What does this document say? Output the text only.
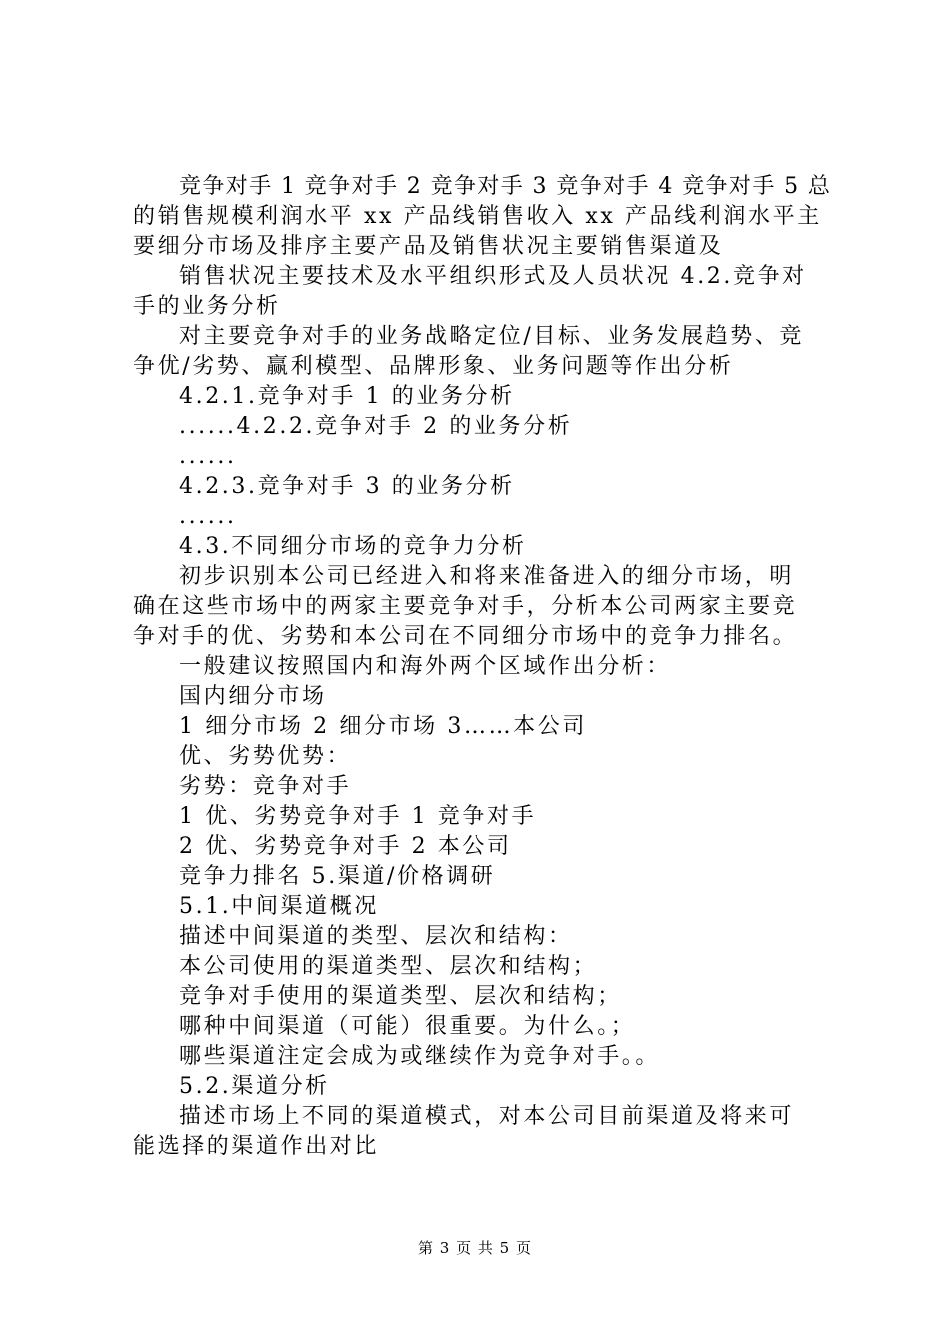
竞争对手 1 竞争对手 2 竞争对手 3 竞争对手 4 竞争对手 5 总
的销售规模利润水平 xx 产品线销售收入 xx 产品线利润水平主
要细分市场及排序主要产品及销售状况主要销售渠道及
销售状况主要技术及水平组织形式及人员状况 4.2.竞争对
手的业务分析
对主要竞争对手的业务战略定位/目标、业务发展趋势、竞
争优/劣势、赢利模型、品牌形象、业务问题等作出分析
4.2.1.竞争对手 1 的业务分析
......4.2.2.竞争对手 2 的业务分析
......
4.2.3.竞争对手 3 的业务分析
......
4.3.不同细分市场的竞争力分析
初步识别本公司已经进入和将来准备进入的细分市场，明
确在这些市场中的两家主要竞争对手，分析本公司两家主要竞
争对手的优、劣势和本公司在不同细分市场中的竞争力排名。
一般建议按照国内和海外两个区域作出分析：
国内细分市场
1 细分市场 2 细分市场 3……本公司
优、劣势优势：
劣势：竞争对手
1 优、劣势竞争对手 1 竞争对手
2 优、劣势竞争对手 2 本公司
竞争力排名 5.渠道/价格调研
5.1.中间渠道概况
描述中间渠道的类型、层次和结构：
本公司使用的渠道类型、层次和结构；
竞争对手使用的渠道类型、层次和结构；
哪种中间渠道（可能）很重要。为什么。；
哪些渠道注定会成为或继续作为竞争对手。。
5.2.渠道分析
描述市场上不同的渠道模式，对本公司目前渠道及将来可
能选择的渠道作出对比
第 3 页 共 5 页
